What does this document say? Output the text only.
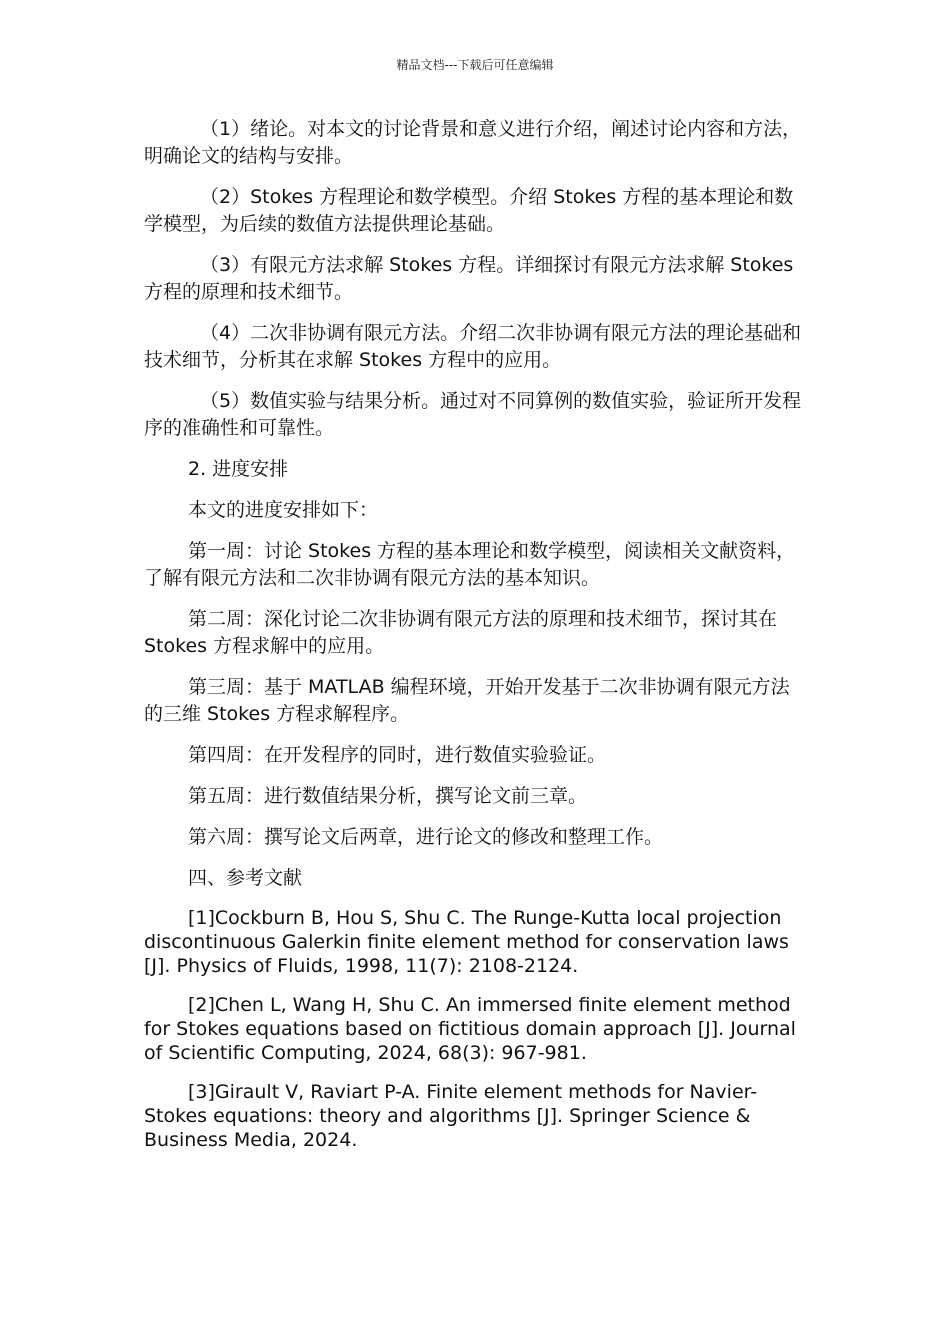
精品文档---下载后可任意编辑

（1）绪论。对本文的讨论背景和意义进行介绍，阐述讨论内容和方法，明确论文的结构与安排。

（2）Stokes 方程理论和数学模型。介绍 Stokes 方程的基本理论和数学模型，为后续的数值方法提供理论基础。

（3）有限元方法求解 Stokes 方程。详细探讨有限元方法求解 Stokes 方程的原理和技术细节。

（4）二次非协调有限元方法。介绍二次非协调有限元方法的理论基础和技术细节，分析其在求解 Stokes 方程中的应用。

（5）数值实验与结果分析。通过对不同算例的数值实验，验证所开发程序的准确性和可靠性。

2. 进度安排

本文的进度安排如下：

第一周：讨论 Stokes 方程的基本理论和数学模型，阅读相关文献资料，了解有限元方法和二次非协调有限元方法的基本知识。

第二周：深化讨论二次非协调有限元方法的原理和技术细节，探讨其在 Stokes 方程求解中的应用。

第三周：基于 MATLAB 编程环境，开始开发基于二次非协调有限元方法的三维 Stokes 方程求解程序。

第四周：在开发程序的同时，进行数值实验验证。

第五周：进行数值结果分析，撰写论文前三章。

第六周：撰写论文后两章，进行论文的修改和整理工作。

四、参考文献

[1]Cockburn B, Hou S, Shu C. The Runge-Kutta local projection discontinuous Galerkin finite element method for conservation laws [J]. Physics of Fluids, 1998, 11(7): 2108-2124.

[2]Chen L, Wang H, Shu C. An immersed finite element method for Stokes equations based on fictitious domain approach [J]. Journal of Scientific Computing, 2024, 68(3): 967-981.

[3]Girault V, Raviart P-A. Finite element methods for Navier-Stokes equations: theory and algorithms [J]. Springer Science & Business Media, 2024.
